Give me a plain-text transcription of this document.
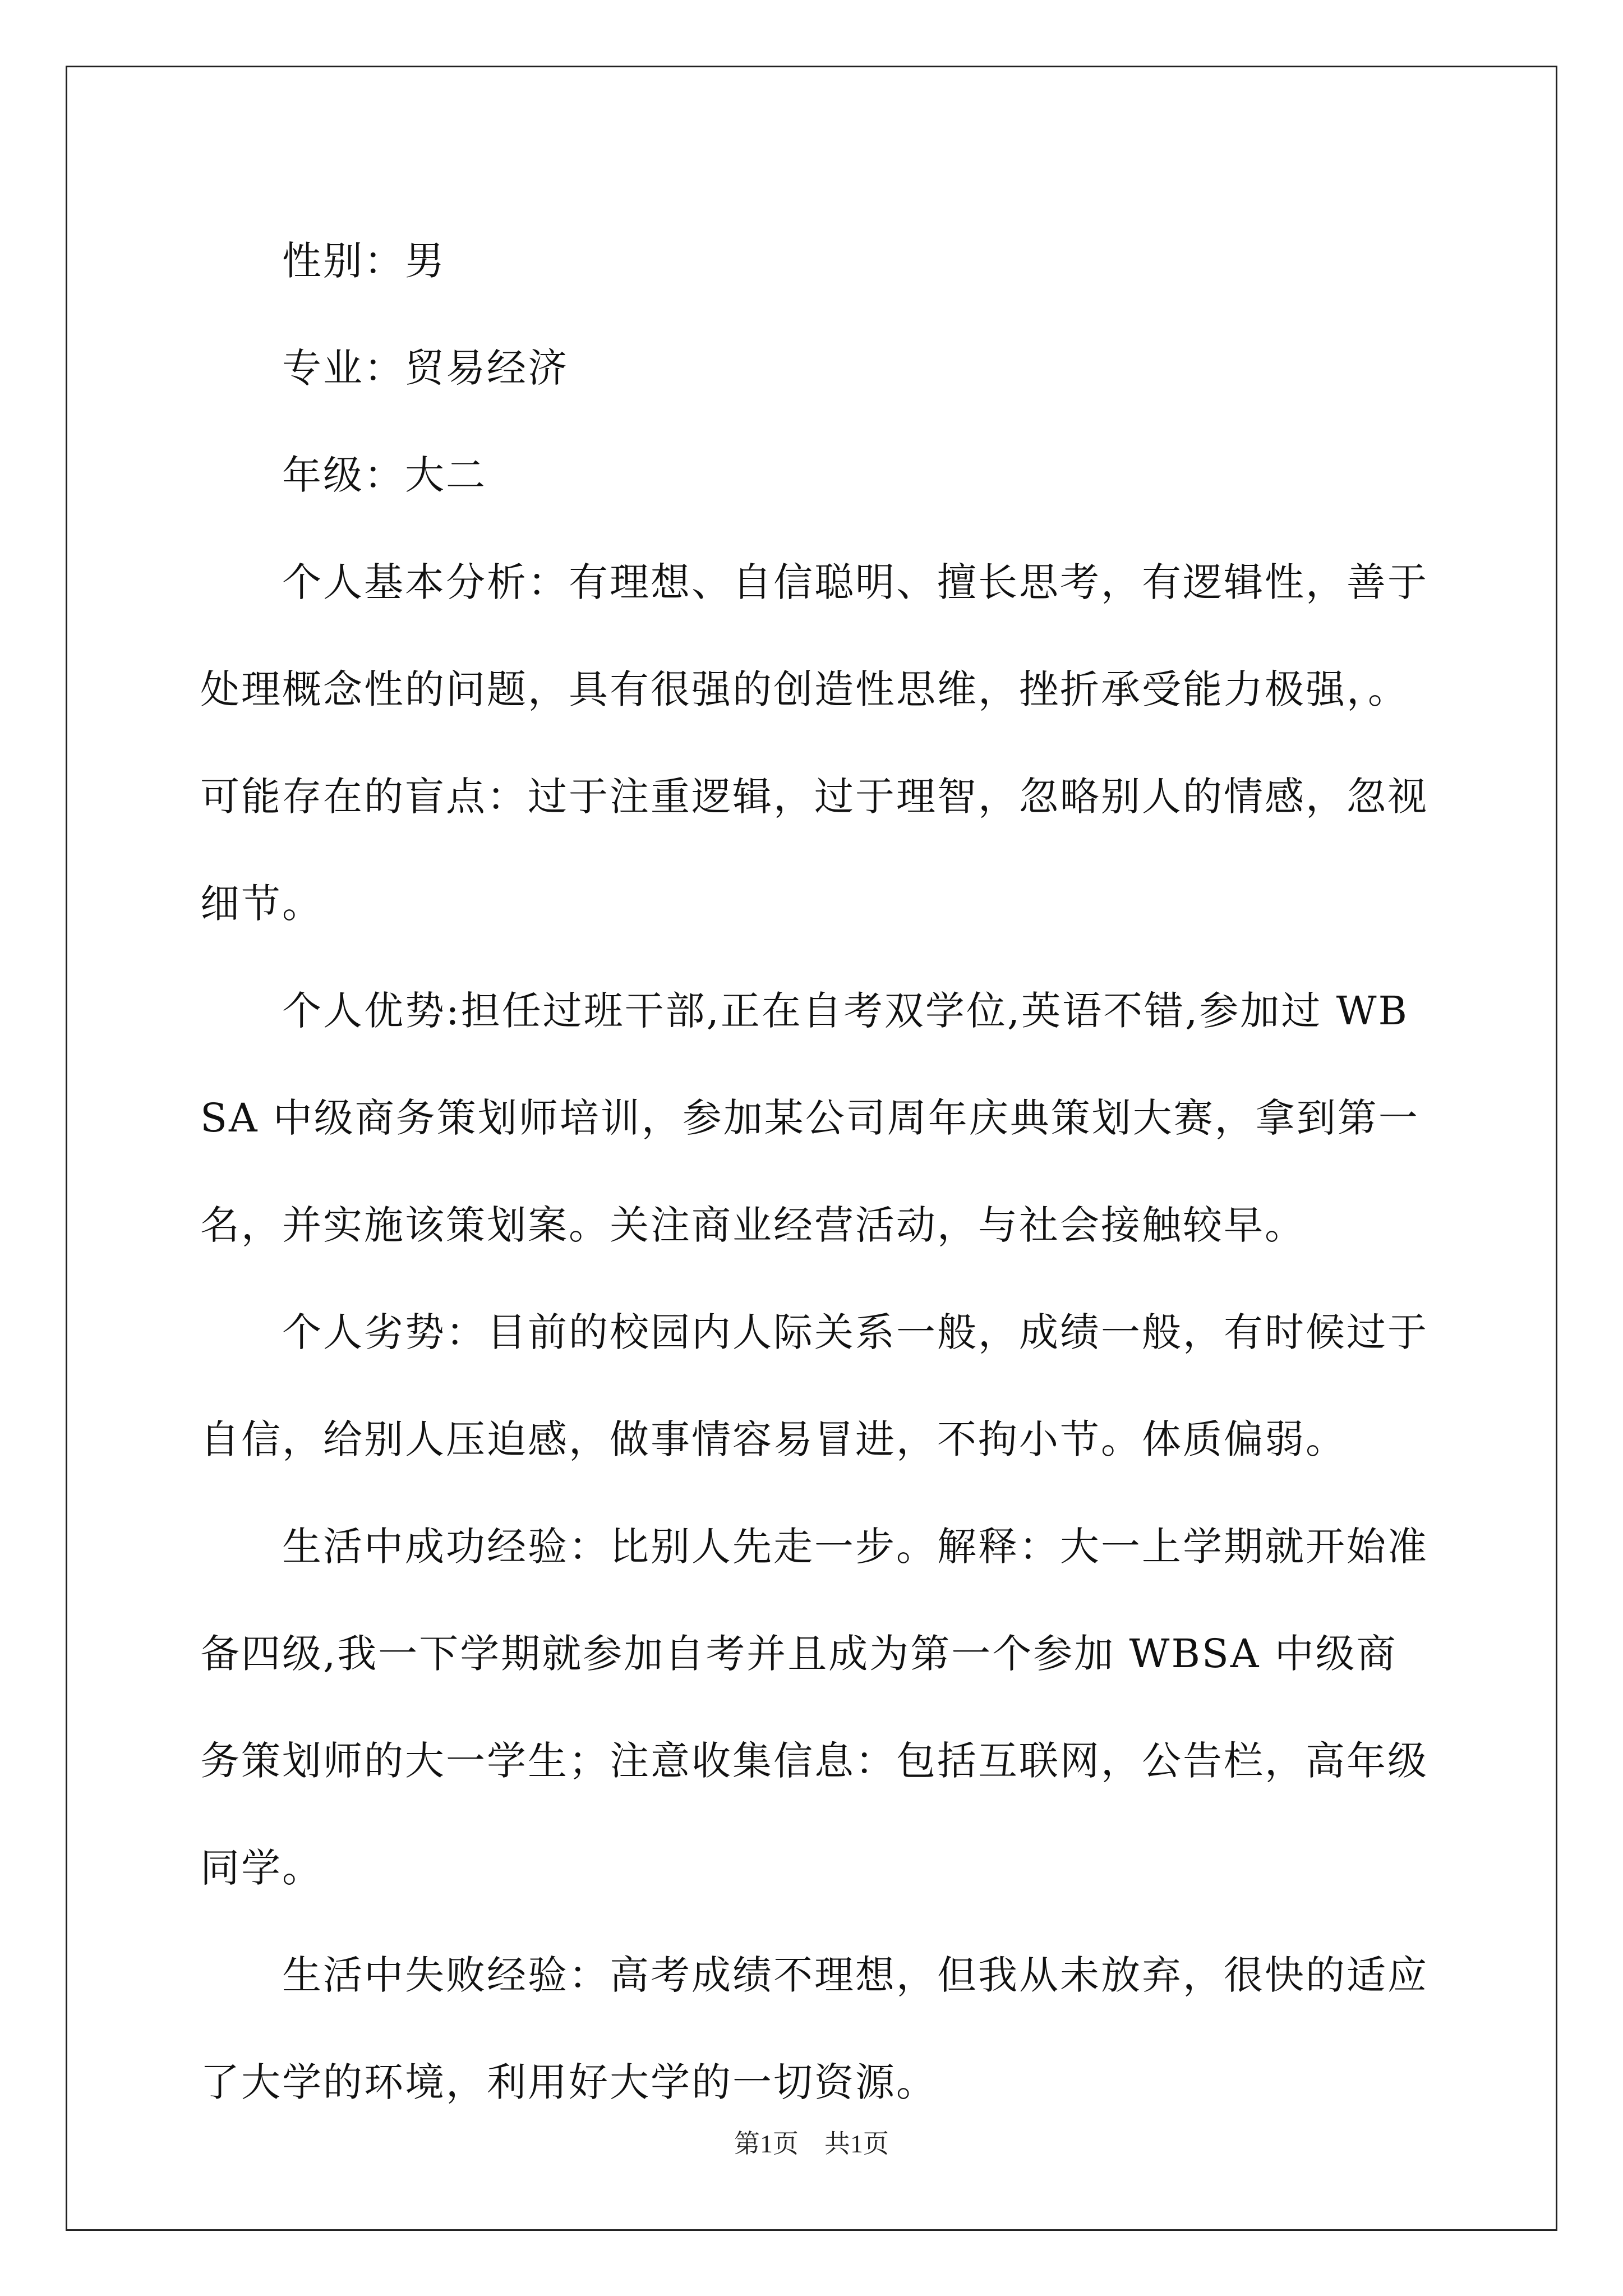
性别：男

专业：贸易经济

年级：大二

个人基本分析：有理想、自信聪明、擅长思考，有逻辑性，善于处理概念性的问题，具有很强的创造性思维，挫折承受能力极强，。可能存在的盲点：过于注重逻辑，过于理智，忽略别人的情感，忽视细节。

个人优势:担任过班干部,正在自考双学位,英语不错,参加过 WBSA 中级商务策划师培训，参加某公司周年庆典策划大赛，拿到第一名，并实施该策划案。关注商业经营活动，与社会接触较早。

个人劣势：目前的校园内人际关系一般，成绩一般，有时候过于自信，给别人压迫感，做事情容易冒进，不拘小节。体质偏弱。

生活中成功经验：比别人先走一步。解释：大一上学期就开始准备四级,我一下学期就参加自考并且成为第一个参加 WBSA 中级商务策划师的大一学生；注意收集信息：包括互联网，公告栏，高年级同学。

生活中失败经验：高考成绩不理想，但我从未放弃，很快的适应了大学的环境，利用好大学的一切资源。

第1页　共1页
